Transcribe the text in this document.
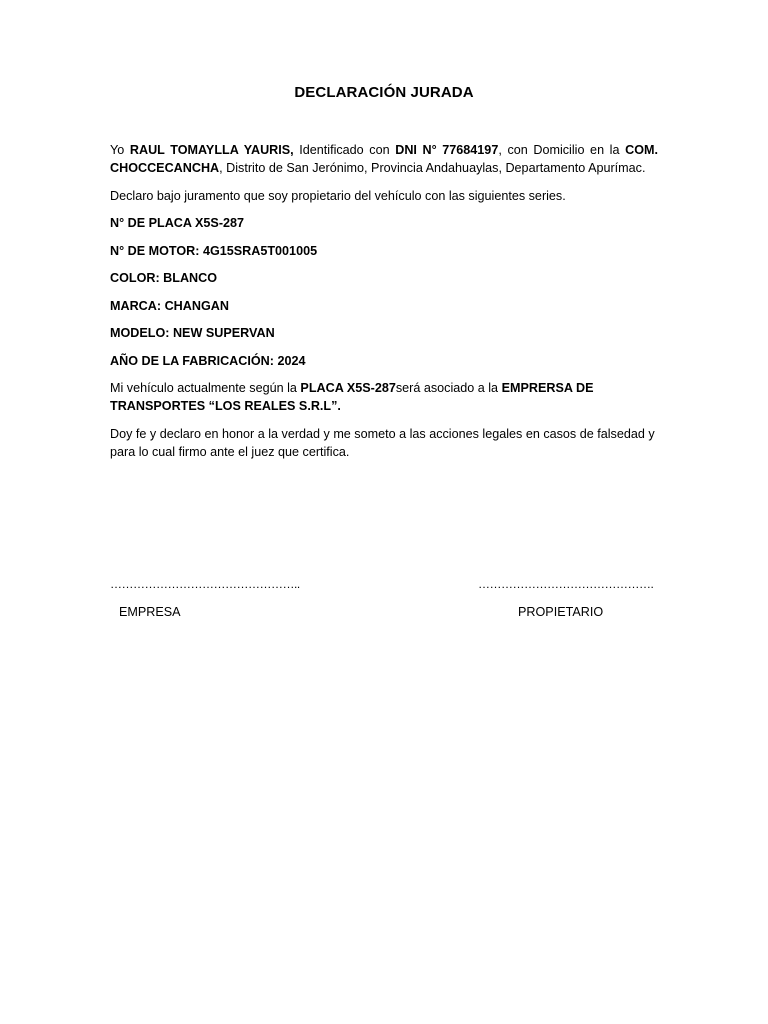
DECLARACIÓN JURADA

Yo RAUL TOMAYLLA YAURIS, Identificado con DNI N° 77684197, con Domicilio en la COM. CHOCCECANCHA, Distrito de San Jerónimo, Provincia Andahuaylas, Departamento Apurímac.

Declaro bajo juramento que soy propietario del vehículo con las siguientes series.

N° DE PLACA X5S-287

N° DE MOTOR: 4G15SRA5T001005

COLOR: BLANCO

MARCA: CHANGAN

MODELO: NEW SUPERVAN

AÑO DE LA FABRICACIÓN: 2024

Mi vehículo actualmente según la PLACA X5S-287será asociado a la EMPRERSA DE TRANSPORTES “LOS REALES S.R.L”.

Doy fe y declaro en honor a la verdad y me someto a las acciones legales en casos de falsedad y para lo cual firmo ante el juez que certifica.

…………………………………………..	……………………………………….
EMPRESA	PROPIETARIO
